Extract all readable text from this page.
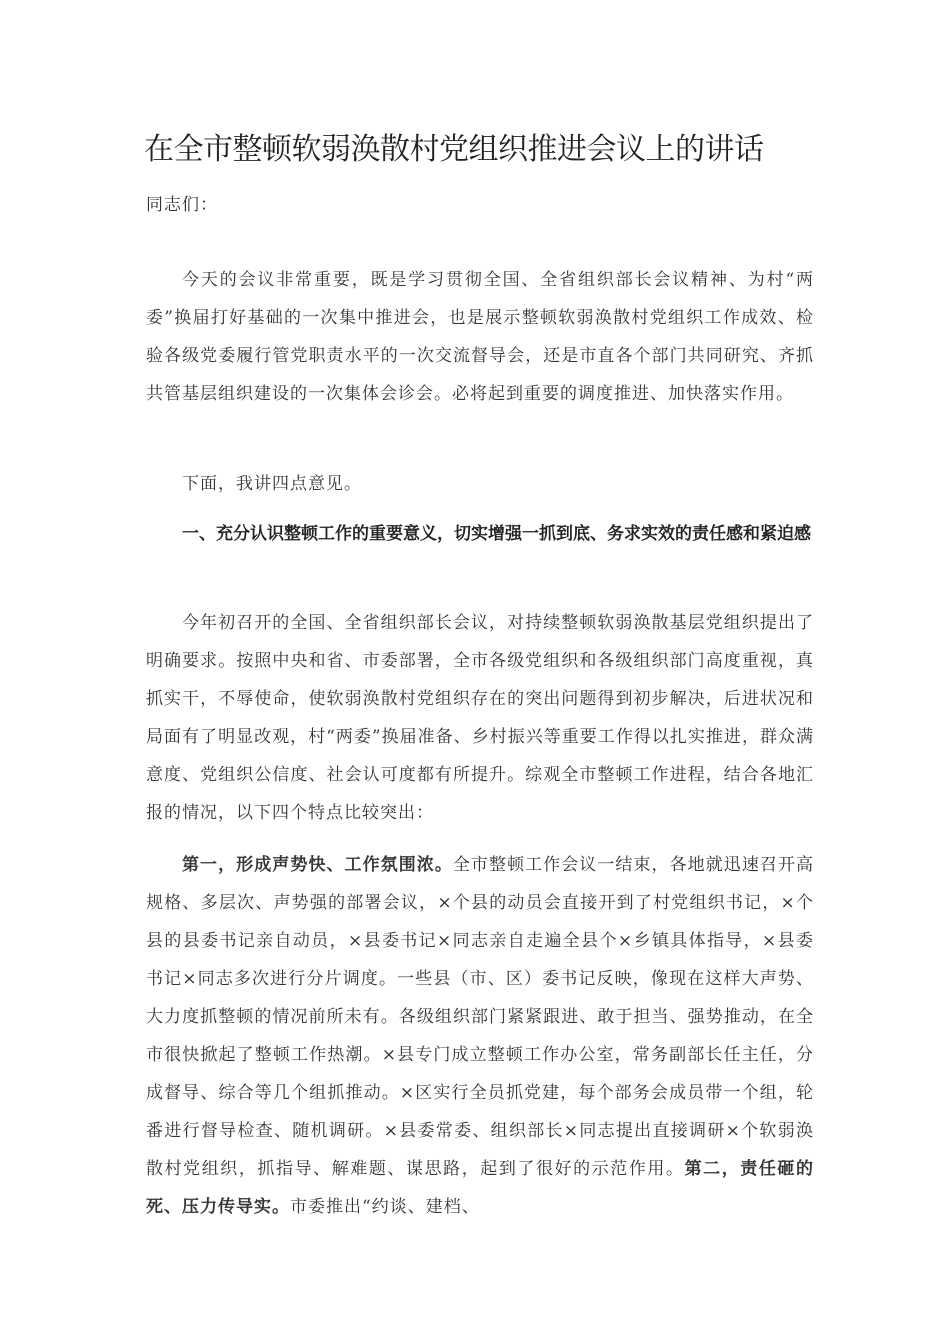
在全市整顿软弱涣散村党组织推进会议上的讲话
同志们：
今天的会议非常重要，既是学习贯彻全国、全省组织部长会议精神、为村“两委”换届打好基础的一次集中推进会，也是展示整顿软弱涣散村党组织工作成效、检验各级党委履行管党职责水平的一次交流督导会，还是市直各个部门共同研究、齐抓共管基层组织建设的一次集体会诊会。必将起到重要的调度推进、加快落实作用。
下面，我讲四点意见。
一、充分认识整顿工作的重要意义，切实增强一抓到底、务求实效的责任感和紧迫感
今年初召开的全国、全省组织部长会议，对持续整顿软弱涣散基层党组织提出了明确要求。按照中央和省、市委部署，全市各级党组织和各级组织部门高度重视，真抓实干，不辱使命，使软弱涣散村党组织存在的突出问题得到初步解决，后进状况和局面有了明显改观，村“两委”换届准备、乡村振兴等重要工作得以扎实推进，群众满意度、党组织公信度、社会认可度都有所提升。综观全市整顿工作进程，结合各地汇报的情况，以下四个特点比较突出：
第一，形成声势快、工作氛围浓。全市整顿工作会议一结束，各地就迅速召开高规格、多层次、声势强的部署会议，×个县的动员会直接开到了村党组织书记，×个县的县委书记亲自动员，×县委书记×同志亲自走遍全县个×乡镇具体指导，×县委书记×同志多次进行分片调度。一些县（市、区）委书记反映，像现在这样大声势、大力度抓整顿的情况前所未有。各级组织部门紧紧跟进、敢于担当、强势推动，在全市很快掀起了整顿工作热潮。×县专门成立整顿工作办公室，常务副部长任主任，分成督导、综合等几个组抓推动。×区实行全员抓党建，每个部务会成员带一个组，轮番进行督导检查、随机调研。×县委常委、组织部长×同志提出直接调研×个软弱涣散村党组织，抓指导、解难题、谋思路，起到了很好的示范作用。第二，责任砸的死、压力传导实。市委推出“约谈、建档、
